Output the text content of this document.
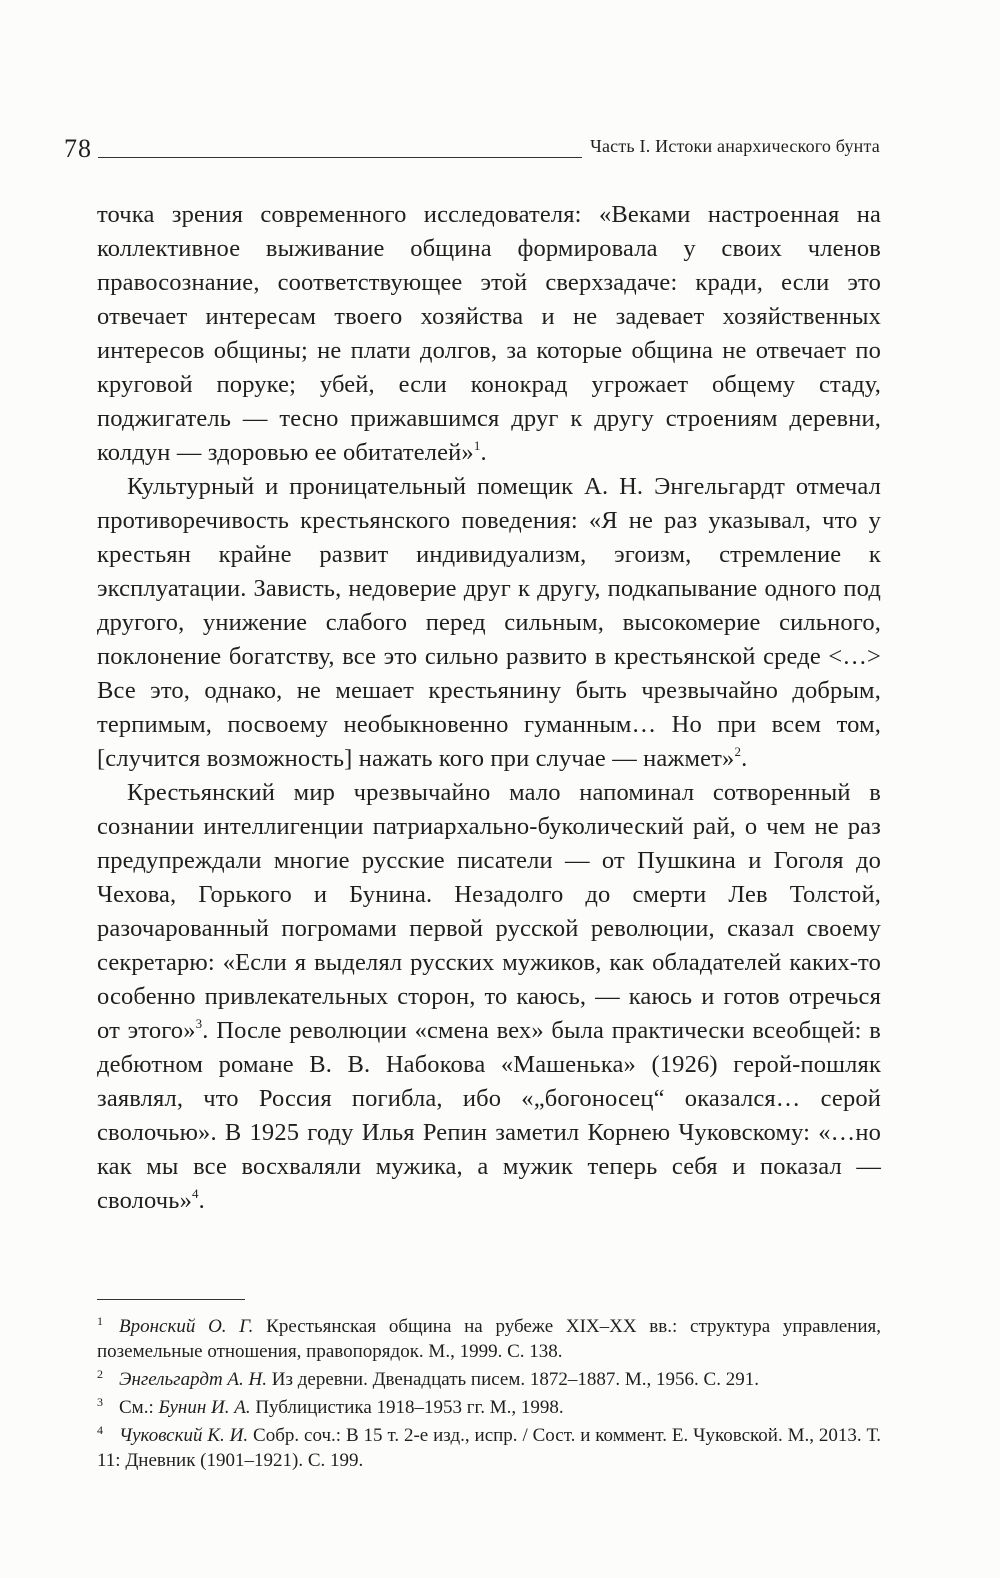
78	Часть I. Истоки анархического бунта

точка зрения современного исследователя: «Веками настроенная на коллективное выживание община формировала у своих членов правосознание, соответствующее этой сверхзадаче: кради, если это отвечает интересам твоего хозяйства и не задевает хозяйственных интересов общины; не плати долгов, за которые община не отвечает по круговой поруке; убей, если конокрад угрожает общему стаду, поджигатель — тесно прижавшимся друг к другу строениям деревни, колдун — здоровью ее обитателей»$^1$.

Культурный и проницательный помещик А. Н. Энгельгардт отмечал противоречивость крестьянского поведения: «Я не раз указывал, что у крестьян крайне развит индивидуализм, эгоизм, стремление к эксплуатации. Зависть, недоверие друг к другу, подкапывание одного под другого, унижение слабого перед сильным, высокомерие сильного, поклонение богатству, все это сильно развито в крестьянской среде <…> Все это, однако, не мешает крестьянину быть чрезвычайно добрым, терпимым, посвоему необыкновенно гуманным… Но при всем том, [случится возможность] нажать кого при случае — нажмет»$^2$.

Крестьянский мир чрезвычайно мало напоминал сотворенный в сознании интеллигенции патриархально-буколический рай, о чем не раз предупреждали многие русские писатели — от Пушкина и Гоголя до Чехова, Горького и Бунина. Незадолго до смерти Лев Толстой, разочарованный погромами первой русской революции, сказал своему секретарю: «Если я выделял русских мужиков, как обладателей каких-то особенно привлекательных сторон, то каюсь, — каюсь и готов отречься от этого»$^3$. После революции «смена вех» была практически всеобщей: в дебютном романе В. В. Набокова «Машенька» (1926) герой-пошляк заявлял, что Россия погибла, ибо «„богоносец“ оказался… серой сволочью». В 1925 году Илья Репин заметил Корнею Чуковскому: «…но как мы все восхваляли мужика, а мужик теперь себя и показал — сволочь»$^4$.

1 Вронский О. Г. Крестьянская община на рубеже XIX–XX вв.: структура управления, поземельные отношения, правопорядок. М., 1999. С. 138.

2 Энгельгардт А. Н. Из деревни. Двенадцать писем. 1872–1887. М., 1956. С. 291.

3 См.: Бунин И. А. Публицистика 1918–1953 гг. М., 1998.

4 Чуковский К. И. Собр. соч.: В 15 т. 2-е изд., испр. / Сост. и коммент. Е. Чуковской. М., 2013. Т. 11: Дневник (1901–1921). С. 199.
